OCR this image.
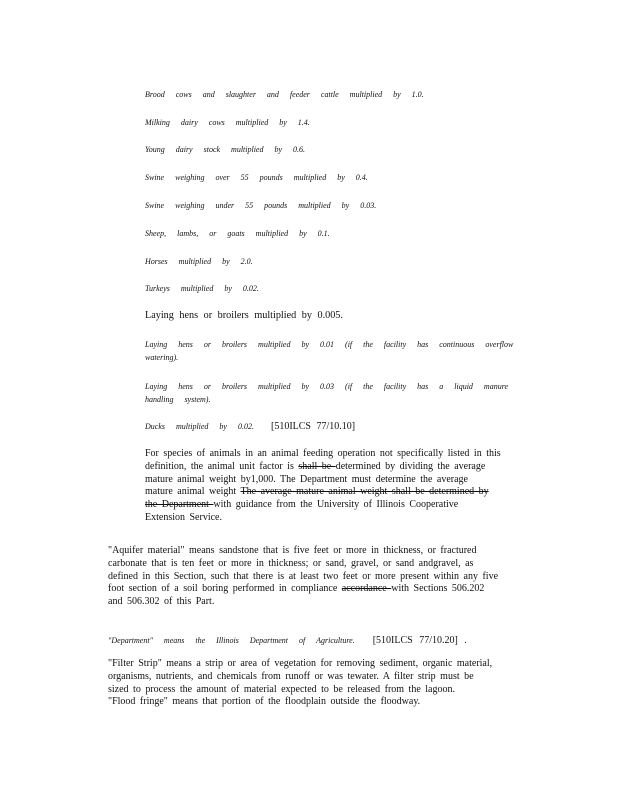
Brood cows and slaughter and feeder cattle multiplied by 1.0.
Milking dairy cows multiplied by 1.4.
Young dairy stock multiplied by 0.6.
Swine weighing over 55 pounds multiplied by 0.4.
Swine weighing under 55 pounds multiplied by 0.03.
Sheep, lambs, or goats multiplied by 0.1.
Horses multiplied by 2.0.
Turkeys multiplied by 0.02.
Laying hens or broilers multiplied by 0.005.
Laying hens or broilers multiplied by 0.01 (if the facility has continuous overflow
watering).
Laying hens or broilers multiplied by 0.03 (if the facility has a liquid manure
handling system).
Ducks multiplied by 0.02. [510ILCS 77/10.10]
For species of animals in an animal feeding operation not specifically listed in this
definition, the animal unit factor is shall be determined by dividing the average
mature animal weight by1,000. The Department must determine the average
mature animal weight The average mature animal weight shall be determined by
the Department with guidance from the University of Illinois Cooperative
Extension Service.
"Aquifer material" means sandstone that is five feet or more in thickness, or fractured
carbonate that is ten feet or more in thickness; or sand, gravel, or sand andgravel, as
defined in this Section, such that there is at least two feet or more present within any five
foot section of a soil boring performed in compliance accordance with Sections 506.202
and 506.302 of this Part.
"Department" means the Illinois Department of Agriculture. [510ILCS 77/10.20] .
"Filter Strip" means a strip or area of vegetation for removing sediment, organic material,
organisms, nutrients, and chemicals from runoff or was tewater. A filter strip must be
sized to process the amount of material expected to be released from the lagoon.
"Flood fringe" means that portion of the floodplain outside the floodway.
